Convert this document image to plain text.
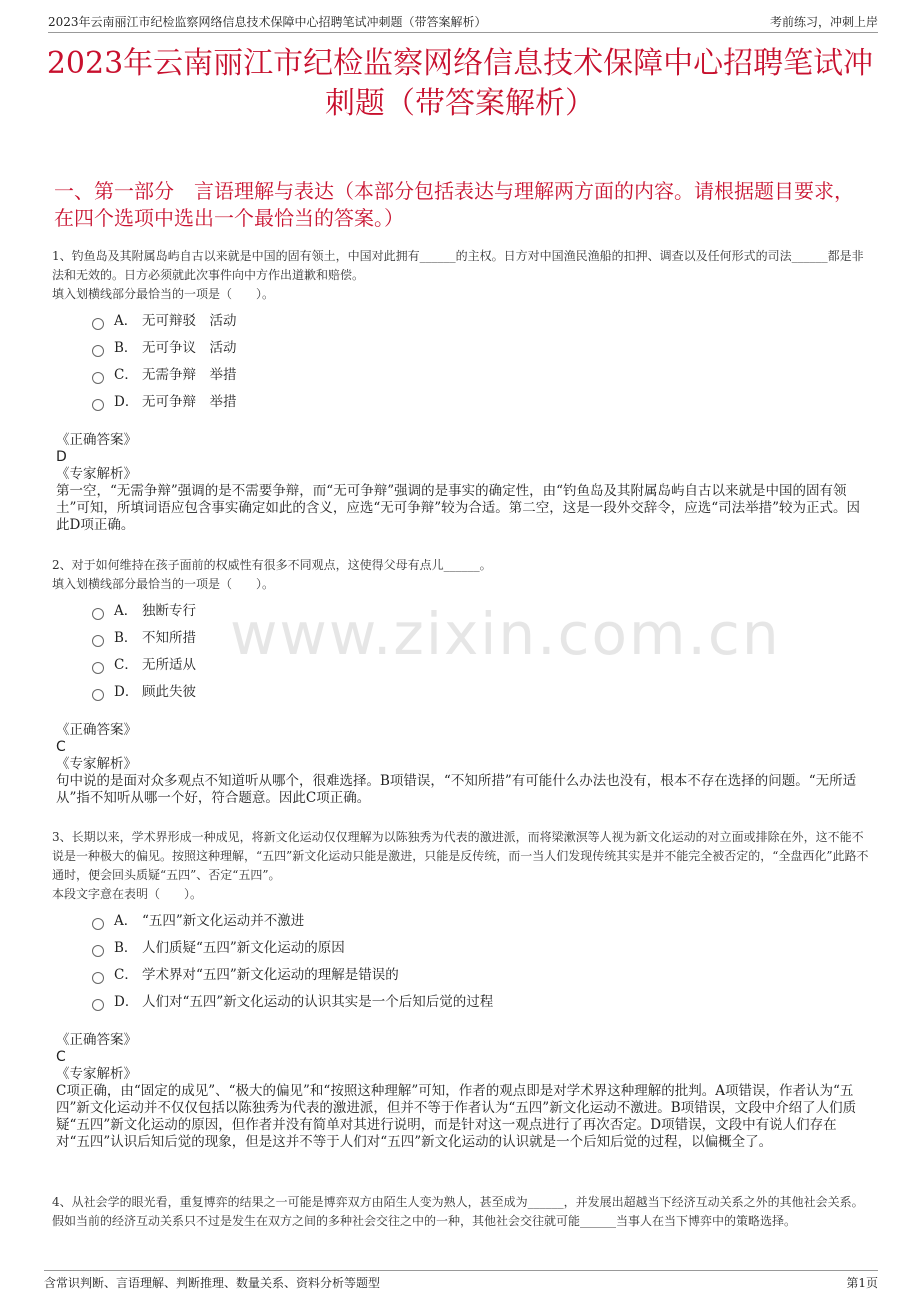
2023年云南丽江市纪检监察网络信息技术保障中心招聘笔试冲刺题（带答案解析）	考前练习，冲刺上岸
2023年云南丽江市纪检监察网络信息技术保障中心招聘笔试冲刺题（带答案解析）
一、第一部分　言语理解与表达（本部分包括表达与理解两方面的内容。请根据题目要求，在四个选项中选出一个最恰当的答案。）
www.zixin.com.cn

1、钓鱼岛及其附属岛屿自古以来就是中国的固有领土，中国对此拥有______的主权。日方对中国渔民渔船的扣押、调查以及任何形式的司法______都是非法和无效的。日方必须就此次事件向中方作出道歉和赔偿。

填入划横线部分最恰当的一项是（　　）。

A． 无可辩驳　活动
B． 无可争议　活动
C． 无需争辩　举措
D． 无可争辩　举措

《正确答案》

D

《专家解析》

第一空，“无需争辩”强调的是不需要争辩，而“无可争辩”强调的是事实的确定性，由“钓鱼岛及其附属岛屿自古以来就是中国的固有领土”可知，所填词语应包含事实确定如此的含义，应选“无可争辩”较为合适。第二空，这是一段外交辞令，应选“司法举措”较为正式。因此D项正确。

2、对于如何维持在孩子面前的权威性有很多不同观点，这使得父母有点儿______。

填入划横线部分最恰当的一项是（　　）。

A． 独断专行
B． 不知所措
C． 无所适从
D． 顾此失彼

《正确答案》

C

《专家解析》

句中说的是面对众多观点不知道听从哪个，很难选择。B项错误，“不知所措”有可能什么办法也没有，根本不存在选择的问题。“无所适从”指不知听从哪一个好，符合题意。因此C项正确。

3、长期以来，学术界形成一种成见，将新文化运动仅仅理解为以陈独秀为代表的激进派，而将梁漱溟等人视为新文化运动的对立面或排除在外，这不能不说是一种极大的偏见。按照这种理解，“五四”新文化运动只能是激进，只能是反传统，而一当人们发现传统其实是并不能完全被否定的，“全盘西化”此路不通时，便会回头质疑“五四”、否定“五四”。

本段文字意在表明（　　）。

A． “五四”新文化运动并不激进
B． 人们质疑“五四”新文化运动的原因
C． 学术界对“五四”新文化运动的理解是错误的
D． 人们对“五四”新文化运动的认识其实是一个后知后觉的过程

《正确答案》

C

《专家解析》

C项正确，由“固定的成见”、“极大的偏见”和“按照这种理解”可知，作者的观点即是对学术界这种理解的批判。A项错误，作者认为“五四”新文化运动并不仅仅包括以陈独秀为代表的激进派，但并不等于作者认为“五四”新文化运动不激进。B项错误，文段中介绍了人们质疑“五四”新文化运动的原因，但作者并没有简单对其进行说明，而是针对这一观点进行了再次否定。D项错误，文段中有说人们存在对“五四”认识后知后觉的现象，但是这并不等于人们对“五四”新文化运动的认识就是一个后知后觉的过程，以偏概全了。

4、从社会学的眼光看，重复博弈的结果之一可能是博弈双方由陌生人变为熟人，甚至成为______，并发展出超越当下经济互动关系之外的其他社会关系。假如当前的经济互动关系只不过是发生在双方之间的多种社会交往之中的一种，其他社会交往就可能______当事人在当下博弈中的策略选择。

含常识判断、言语理解、判断推理、数量关系、资料分析等题型	第1页
